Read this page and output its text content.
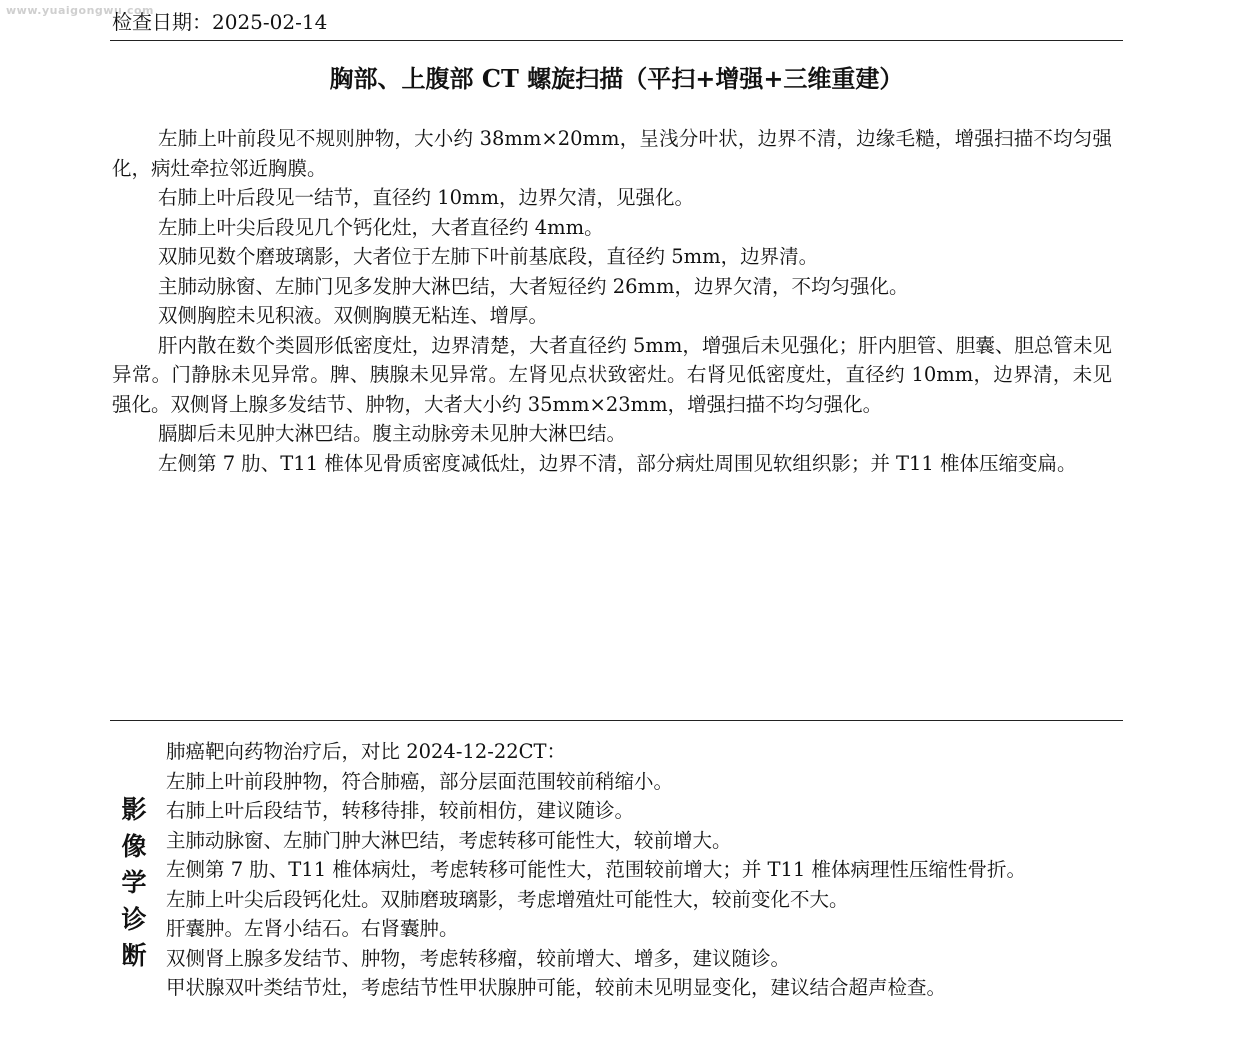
www.yuaigongwu.com
检查日期：2025-02-14
胸部、上腹部 CT 螺旋扫描（平扫+增强+三维重建）

左肺上叶前段见不规则肿物，大小约 38mm×20mm，呈浅分叶状，边界不清，边缘毛糙，增强扫描不均匀强化，病灶牵拉邻近胸膜。

右肺上叶后段见一结节，直径约 10mm，边界欠清，见强化。

左肺上叶尖后段见几个钙化灶，大者直径约 4mm。

双肺见数个磨玻璃影，大者位于左肺下叶前基底段，直径约 5mm，边界清。

主肺动脉窗、左肺门见多发肿大淋巴结，大者短径约 26mm，边界欠清，不均匀强化。

双侧胸腔未见积液。双侧胸膜无粘连、增厚。

肝内散在数个类圆形低密度灶，边界清楚，大者直径约 5mm，增强后未见强化；肝内胆管、胆囊、胆总管未见异常。门静脉未见异常。脾、胰腺未见异常。左肾见点状致密灶。右肾见低密度灶，直径约 10mm，边界清，未见强化。双侧肾上腺多发结节、肿物，大者大小约 35mm×23mm，增强扫描不均匀强化。

膈脚后未见肿大淋巴结。腹主动脉旁未见肿大淋巴结。

左侧第 7 肋、T11 椎体见骨质密度减低灶，边界不清，部分病灶周围见软组织影；并 T11 椎体压缩变扁。

影
像
学
诊
断

肺癌靶向药物治疗后，对比 2024-12-22CT：

左肺上叶前段肿物，符合肺癌，部分层面范围较前稍缩小。

右肺上叶后段结节，转移待排，较前相仿，建议随诊。

主肺动脉窗、左肺门肿大淋巴结，考虑转移可能性大，较前增大。

左侧第 7 肋、T11 椎体病灶，考虑转移可能性大，范围较前增大；并 T11 椎体病理性压缩性骨折。

左肺上叶尖后段钙化灶。双肺磨玻璃影，考虑增殖灶可能性大，较前变化不大。

肝囊肿。左肾小结石。右肾囊肿。

双侧肾上腺多发结节、肿物，考虑转移瘤，较前增大、增多，建议随诊。

甲状腺双叶类结节灶，考虑结节性甲状腺肿可能，较前未见明显变化，建议结合超声检查。
